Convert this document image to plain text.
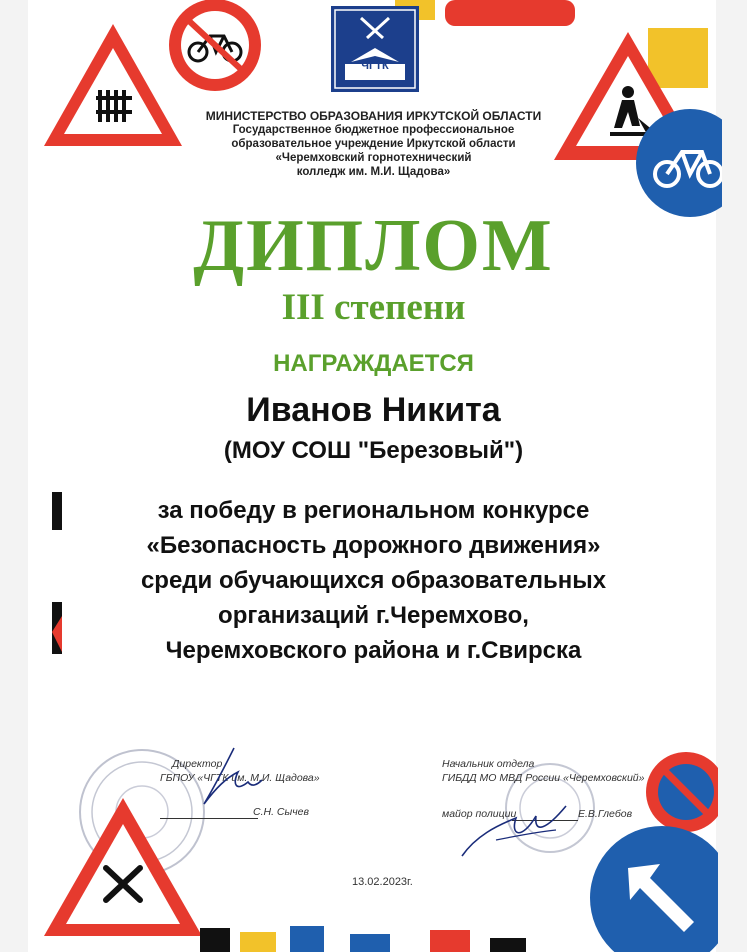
ЧГТК
МИНИСТЕРСТВО ОБРАЗОВАНИЯ ИРКУТСКОЙ ОБЛАСТИ
Государственное бюджетное профессиональное
образовательное учреждение Иркутской области
«Черемховский горнотехнический
колледж им. М.И. Щадова»
ДИПЛОМ
III степени
НАГРАЖДАЕТСЯ
Иванов Никита
(МОУ СОШ "Березовый")
за победу в региональном конкурсе
«Безопасность дорожного движения»
среди обучающихся образовательных
организаций г.Черемхово,
Черемховского района и г.Свирска
Директор
ГБПОУ «ЧГТК им. М.И. Щадова»
С.Н. Сычев
Начальник отдела
ГИБДД МО МВД России «Черемховский»
майор полиции	Е.В.Глебов
13.02.2023г.
